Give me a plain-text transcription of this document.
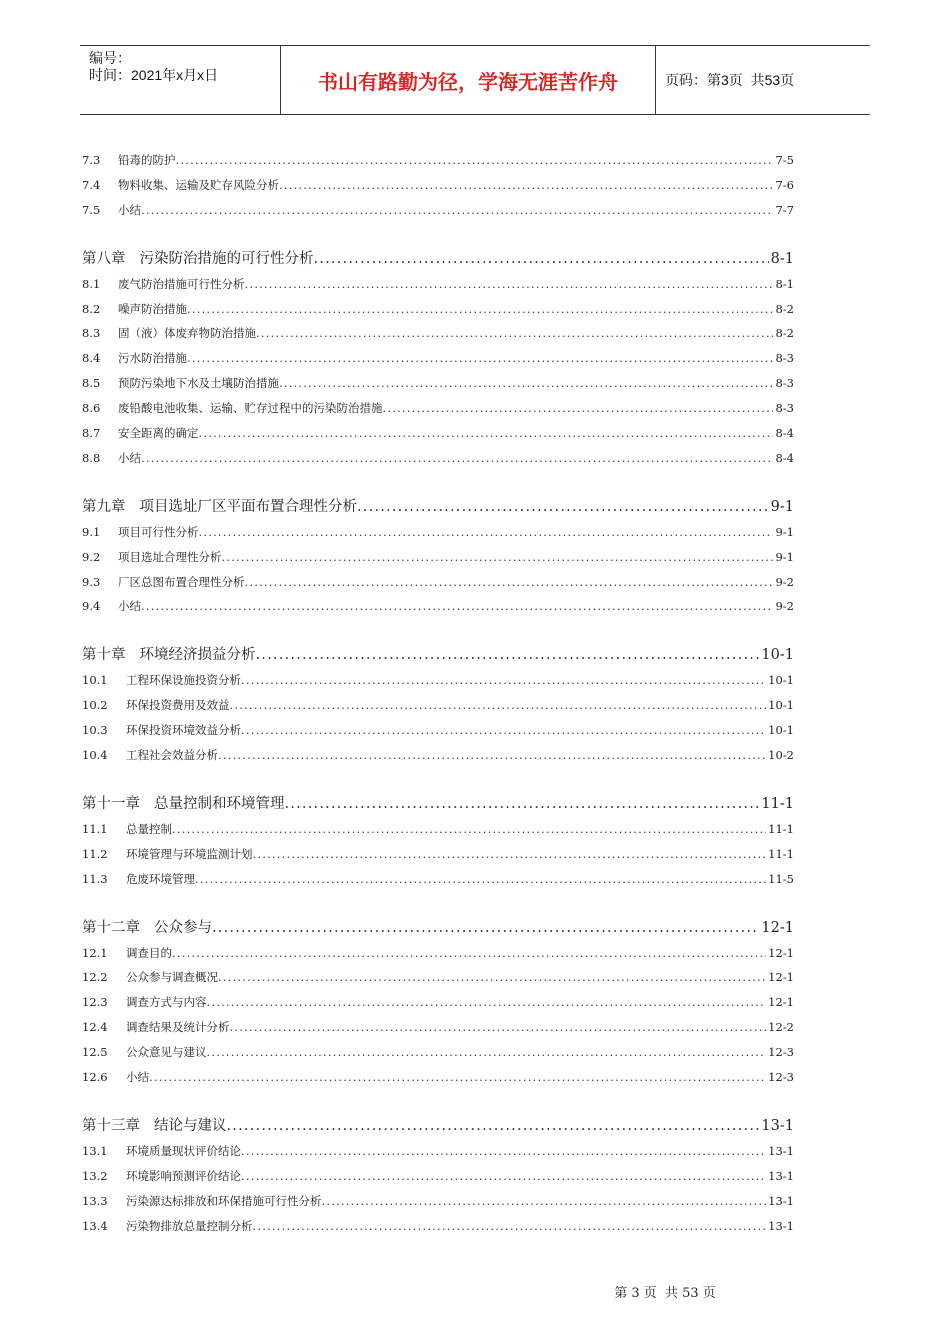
编号：
时间：2021年x月x日	书山有路勤为径，学海无涯苦作舟	页码：第3页  共53页
7.3	铅毒的防护 .....	7-5
7.4	物料收集、运输及贮存风险分析 .....	7-6
7.5	小结 .....	7-7
第八章 污染防治措施的可行性分析 .....	8-1
8.1	废气防治措施可行性分析 .....	8-1
8.2	噪声防治措施 .....	8-2
8.3	固（液）体废弃物防治措施 .....	8-2
8.4	污水防治措施 .....	8-3
8.5	预防污染地下水及土壤防治措施 .....	8-3
8.6	废铅酸电池收集、运输、贮存过程中的污染防治措施 .....	8-3
8.7	安全距离的确定 .....	8-4
8.8	小结 .....	8-4
第九章 项目选址厂区平面布置合理性分析 .....	9-1
9.1	项目可行性分析 .....	9-1
9.2	项目选址合理性分析 .....	9-1
9.3	厂区总图布置合理性分析 .....	9-2
9.4	小结 .....	9-2
第十章 环境经济损益分析 .....	10-1
10.1	工程环保设施投资分析 .....	10-1
10.2	环保投资费用及效益 .....	10-1
10.3	环保投资环境效益分析 .....	10-1
10.4	工程社会效益分析 .....	10-2
第十一章 总量控制和环境管理 .....	11-1
11.1	总量控制 .....	11-1
11.2	环境管理与环境监测计划 .....	11-1
11.3	危废环境管理 .....	11-5
第十二章 公众参与 .....	12-1
12.1	调查目的 .....	12-1
12.2	公众参与调查概况 .....	12-1
12.3	调查方式与内容 .....	12-1
12.4	调查结果及统计分析 .....	12-2
12.5	公众意见与建议 .....	12-3
12.6	小结 .....	12-3
第十三章 结论与建议 .....	13-1
13.1	环境质量现状评价结论 .....	13-1
13.2	环境影响预测评价结论 .....	13-1
13.3	污染源达标排放和环保措施可行性分析 .....	13-1
13.4	污染物排放总量控制分析 .....	13-1
第 3 页  共 53 页
